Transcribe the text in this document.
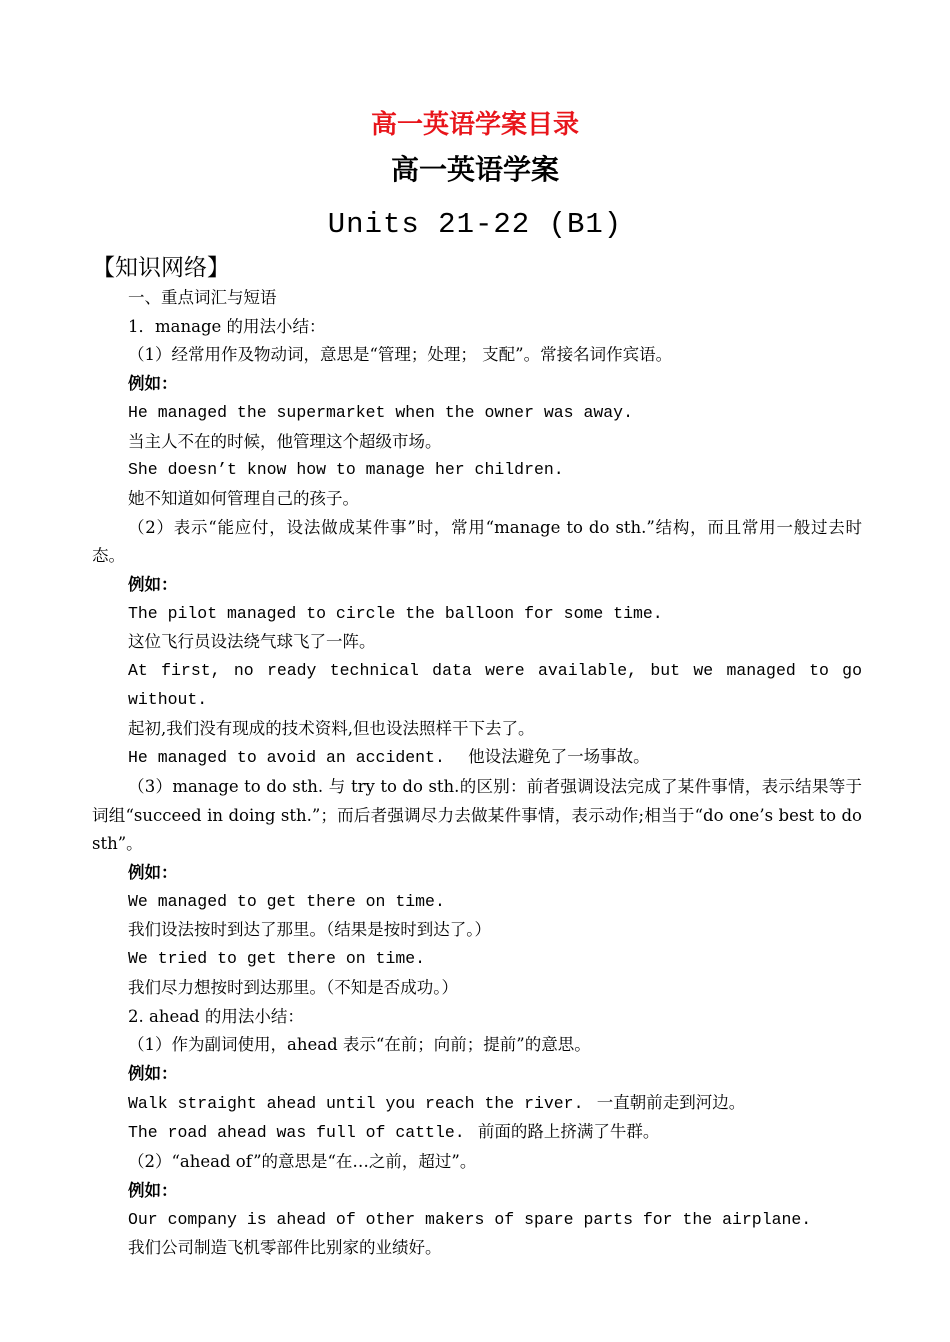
高一英语学案目录
高一英语学案
Units 21-22 (B1)
【知识网络】
一、重点词汇与短语
1．manage 的用法小结：
（1）经常用作及物动词，意思是“管理；处理； 支配”。常接名词作宾语。
例如：
He managed the supermarket when the owner was away.
当主人不在的时候，他管理这个超级市场。
She doesn’t know how to manage her children.
她不知道如何管理自己的孩子。
（2）表示“能应付，设法做成某件事”时，常用“manage to do sth.”结构，而且常用一般过去时态。
例如：
The pilot managed to circle the balloon for some time.
这位飞行员设法绕气球飞了一阵。
At first, no ready technical data were available, but we managed to go without.
起初,我们没有现成的技术资料,但也设法照样干下去了。
He managed to avoid an accident. 他设法避免了一场事故。
（3）manage to do sth. 与 try to do sth.的区别：前者强调设法完成了某件事情，表示结果等于词组“succeed in doing sth.”；而后者强调尽力去做某件事情，表示动作;相当于“do one’s best to do sth”。
例如：
We managed to get there on time.
我们设法按时到达了那里。（结果是按时到达了。）
We tried to get there on time.
我们尽力想按时到达那里。（不知是否成功。）
2. ahead 的用法小结：
（1）作为副词使用，ahead 表示“在前；向前；提前”的意思。
例如：
Walk straight ahead until you reach the river. 一直朝前走到河边。
The road ahead was full of cattle. 前面的路上挤满了牛群。
（2）“ahead of”的意思是“在…之前，超过”。
例如：
Our company is ahead of other makers of spare parts for the airplane.
我们公司制造飞机零部件比别家的业绩好。
